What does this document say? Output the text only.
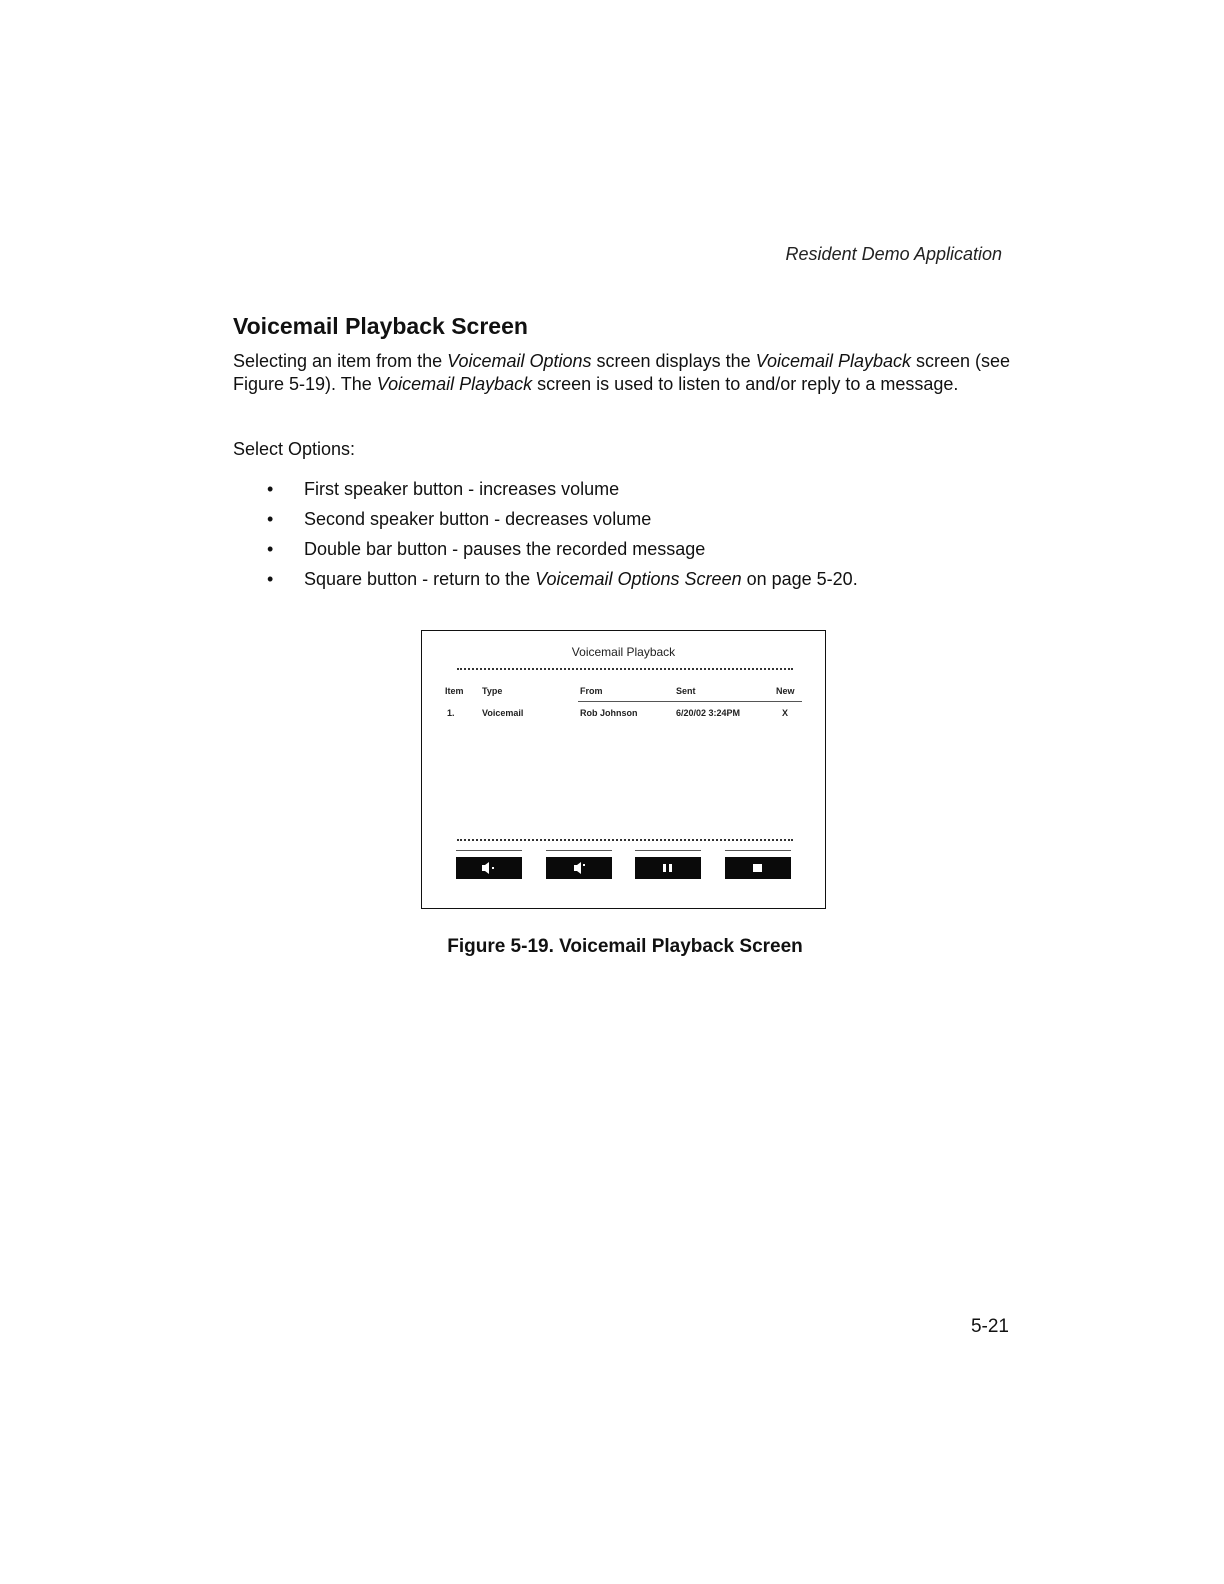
Resident Demo Application
Voicemail Playback Screen

Selecting an item from the Voicemail Options screen displays the Voicemail Playback screen (see Figure 5-19). The Voicemail Playback screen is used to listen to and/or reply to a message.

Select Options:

• First speaker button - increases volume
• Second speaker button - decreases volume
• Double bar button - pauses the recorded message
• Square button - return to the Voicemail Options Screen on page 5-20.
Voicemail Playback
Item Type	From	Sent	New
1.	Voicemail	Rob Johnson	6/20/02 3:24PM	X

Figure 5-19. Voicemail Playback Screen

5-21
